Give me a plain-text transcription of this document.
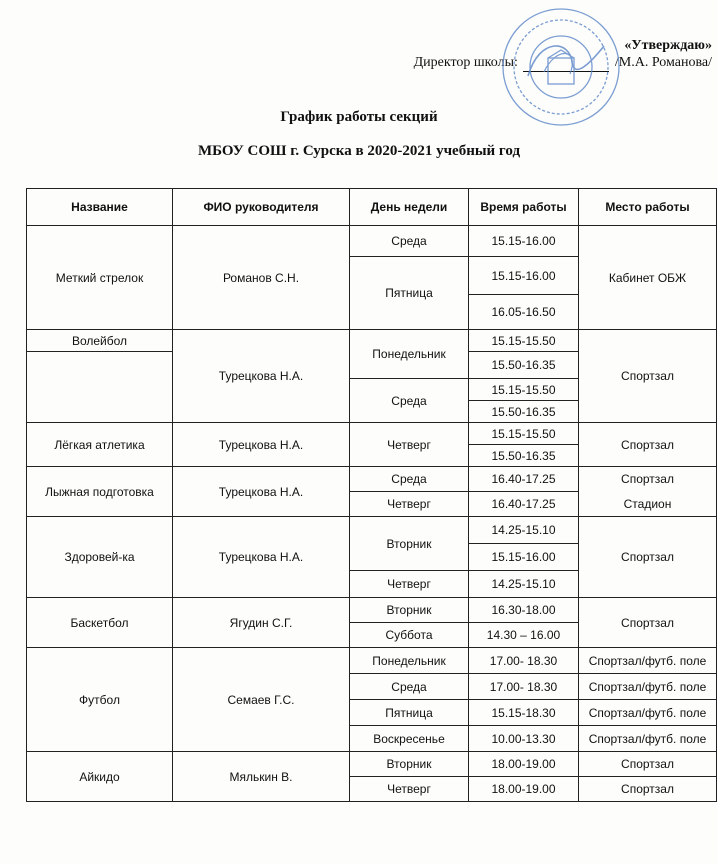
«Утверждаю»
Директор школы:	/М.А. Романова/
График работы секций
МБОУ СОШ г. Сурска в 2020-2021 учебный год
Название	ФИО руководителя	День недели	Время работы	Место работы
Меткий стрелок	Романов С.Н.	Среда	15.15-16.00	Кабинет ОБЖ
		Пятница	15.15-16.00	
			16.05-16.50	
Волейбол	Турецкова Н.А.	Понедельник	15.15-15.50	Спортзал
			15.50-16.35	
		Среда	15.15-15.50	
			15.50-16.35	
Лёгкая атлетика	Турецкова Н.А.	Четверг	15.15-15.50	Спортзал
			15.50-16.35	
Лыжная подготовка	Турецкова Н.А.	Среда	16.40-17.25	Спортзал
		Четверг	16.40-17.25	Стадион
Здоровей-ка	Турецкова Н.А.	Вторник	14.25-15.10	Спортзал
			15.15-16.00	
		Четверг	14.25-15.10	
Баскетбол	Ягудин С.Г.	Вторник	16.30-18.00	Спортзал
		Суббота	14.30 – 16.00	
Футбол	Семаев Г.С.	Понедельник	17.00- 18.30	Спортзал/футб. поле
		Среда	17.00- 18.30	Спортзал/футб. поле
		Пятница	15.15-18.30	Спортзал/футб. поле
		Воскресенье	10.00-13.30	Спортзал/футб. поле
Айкидо	Мялькин В.	Вторник	18.00-19.00	Спортзал
		Четверг	18.00-19.00	Спортзал
